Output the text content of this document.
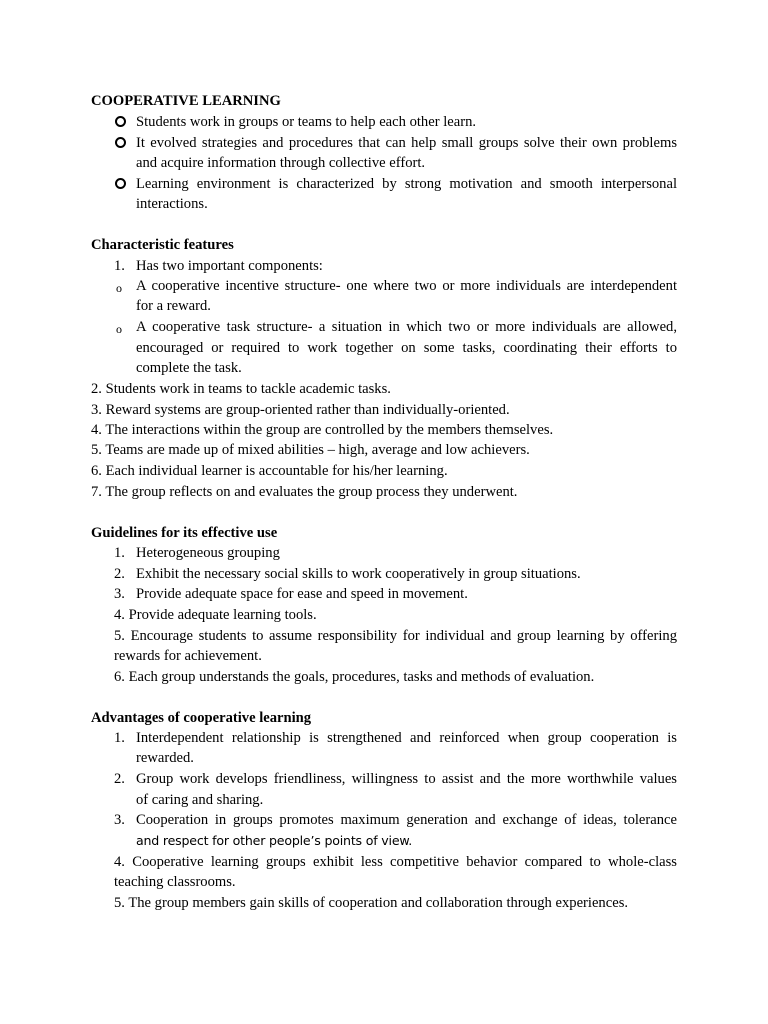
COOPERATIVE LEARNING
Students work in groups or teams to help each other learn.
It evolved strategies and procedures that can help small groups solve their own problems
and acquire information through collective effort.
Learning environment is characterized by strong motivation and smooth interpersonal
interactions.
Characteristic features
1. Has two important components:
o A cooperative incentive structure- one where two or more individuals are interdependent
for a reward.
o A cooperative task structure- a situation in which two or more individuals are allowed,
encouraged or required to work together on some tasks, coordinating their efforts to
complete the task.
2. Students work in teams to tackle academic tasks.
3. Reward systems are group-oriented rather than individually-oriented.
4. The interactions within the group are controlled by the members themselves.
5. Teams are made up of mixed abilities – high, average and low achievers.
6. Each individual learner is accountable for his/her learning.
7. The group reflects on and evaluates the group process they underwent.
Guidelines for its effective use
1. Heterogeneous grouping
2. Exhibit the necessary social skills to work cooperatively in group situations.
3. Provide adequate space for ease and speed in movement.
4. Provide adequate learning tools.
5. Encourage students to assume responsibility for individual and group learning by offering
rewards for achievement.
6. Each group understands the goals, procedures, tasks and methods of evaluation.
Advantages of cooperative learning
1. Interdependent relationship is strengthened and reinforced when group cooperation is
rewarded.
2. Group work develops friendliness, willingness to assist and the more worthwhile values
of caring and sharing.
3. Cooperation in groups promotes maximum generation and exchange of ideas, tolerance
and respect for other people’s points of view.
4. Cooperative learning groups exhibit less competitive behavior compared to whole-class
teaching classrooms.
5. The group members gain skills of cooperation and collaboration through experiences.
